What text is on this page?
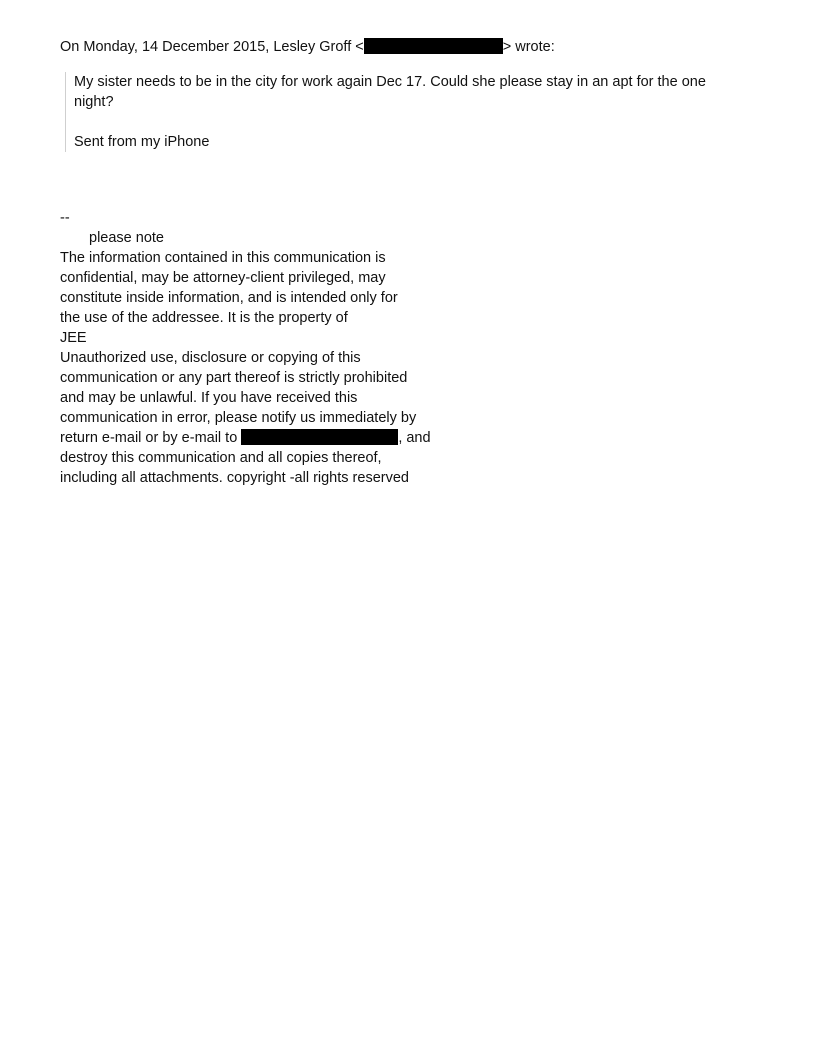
On Monday, 14 December 2015, Lesley Groff <	> wrote:

My sister needs to be in the city for work again Dec 17. Could she please stay in an apt for the one

night?

Sent from my iPhone

--
please note
The information contained in this communication is
confidential, may be attorney-client privileged, may
constitute inside information, and is intended only for
the use of the addressee. It is the property of
JEE
Unauthorized use, disclosure or copying of this
communication or any part thereof is strictly prohibited
and may be unlawful. If you have received this
communication in error, please notify us immediately by
return e-mail or by e-mail to	, and
destroy this communication and all copies thereof,
including all attachments. copyright -all rights reserved
